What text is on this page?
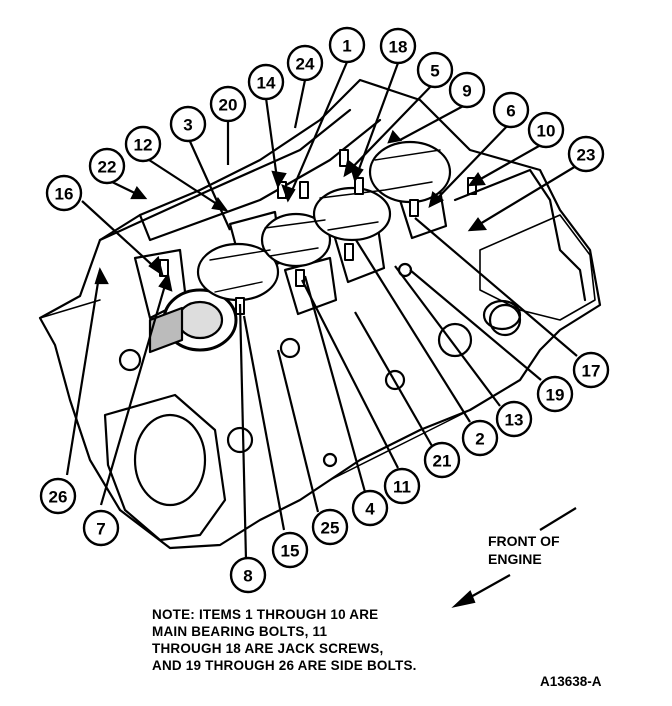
1 18
24
14
5
9
20
3
12
6
10
23
22
16
17
19
13
2
21
11
4
25
15
8
7
26
FRONT OF
ENGINE
NOTE: ITEMS 1 THROUGH 10 ARE
MAIN BEARING BOLTS, 11
THROUGH 18 ARE JACK SCREWS,
AND 19 THROUGH 26 ARE SIDE BOLTS.
A13638-A
